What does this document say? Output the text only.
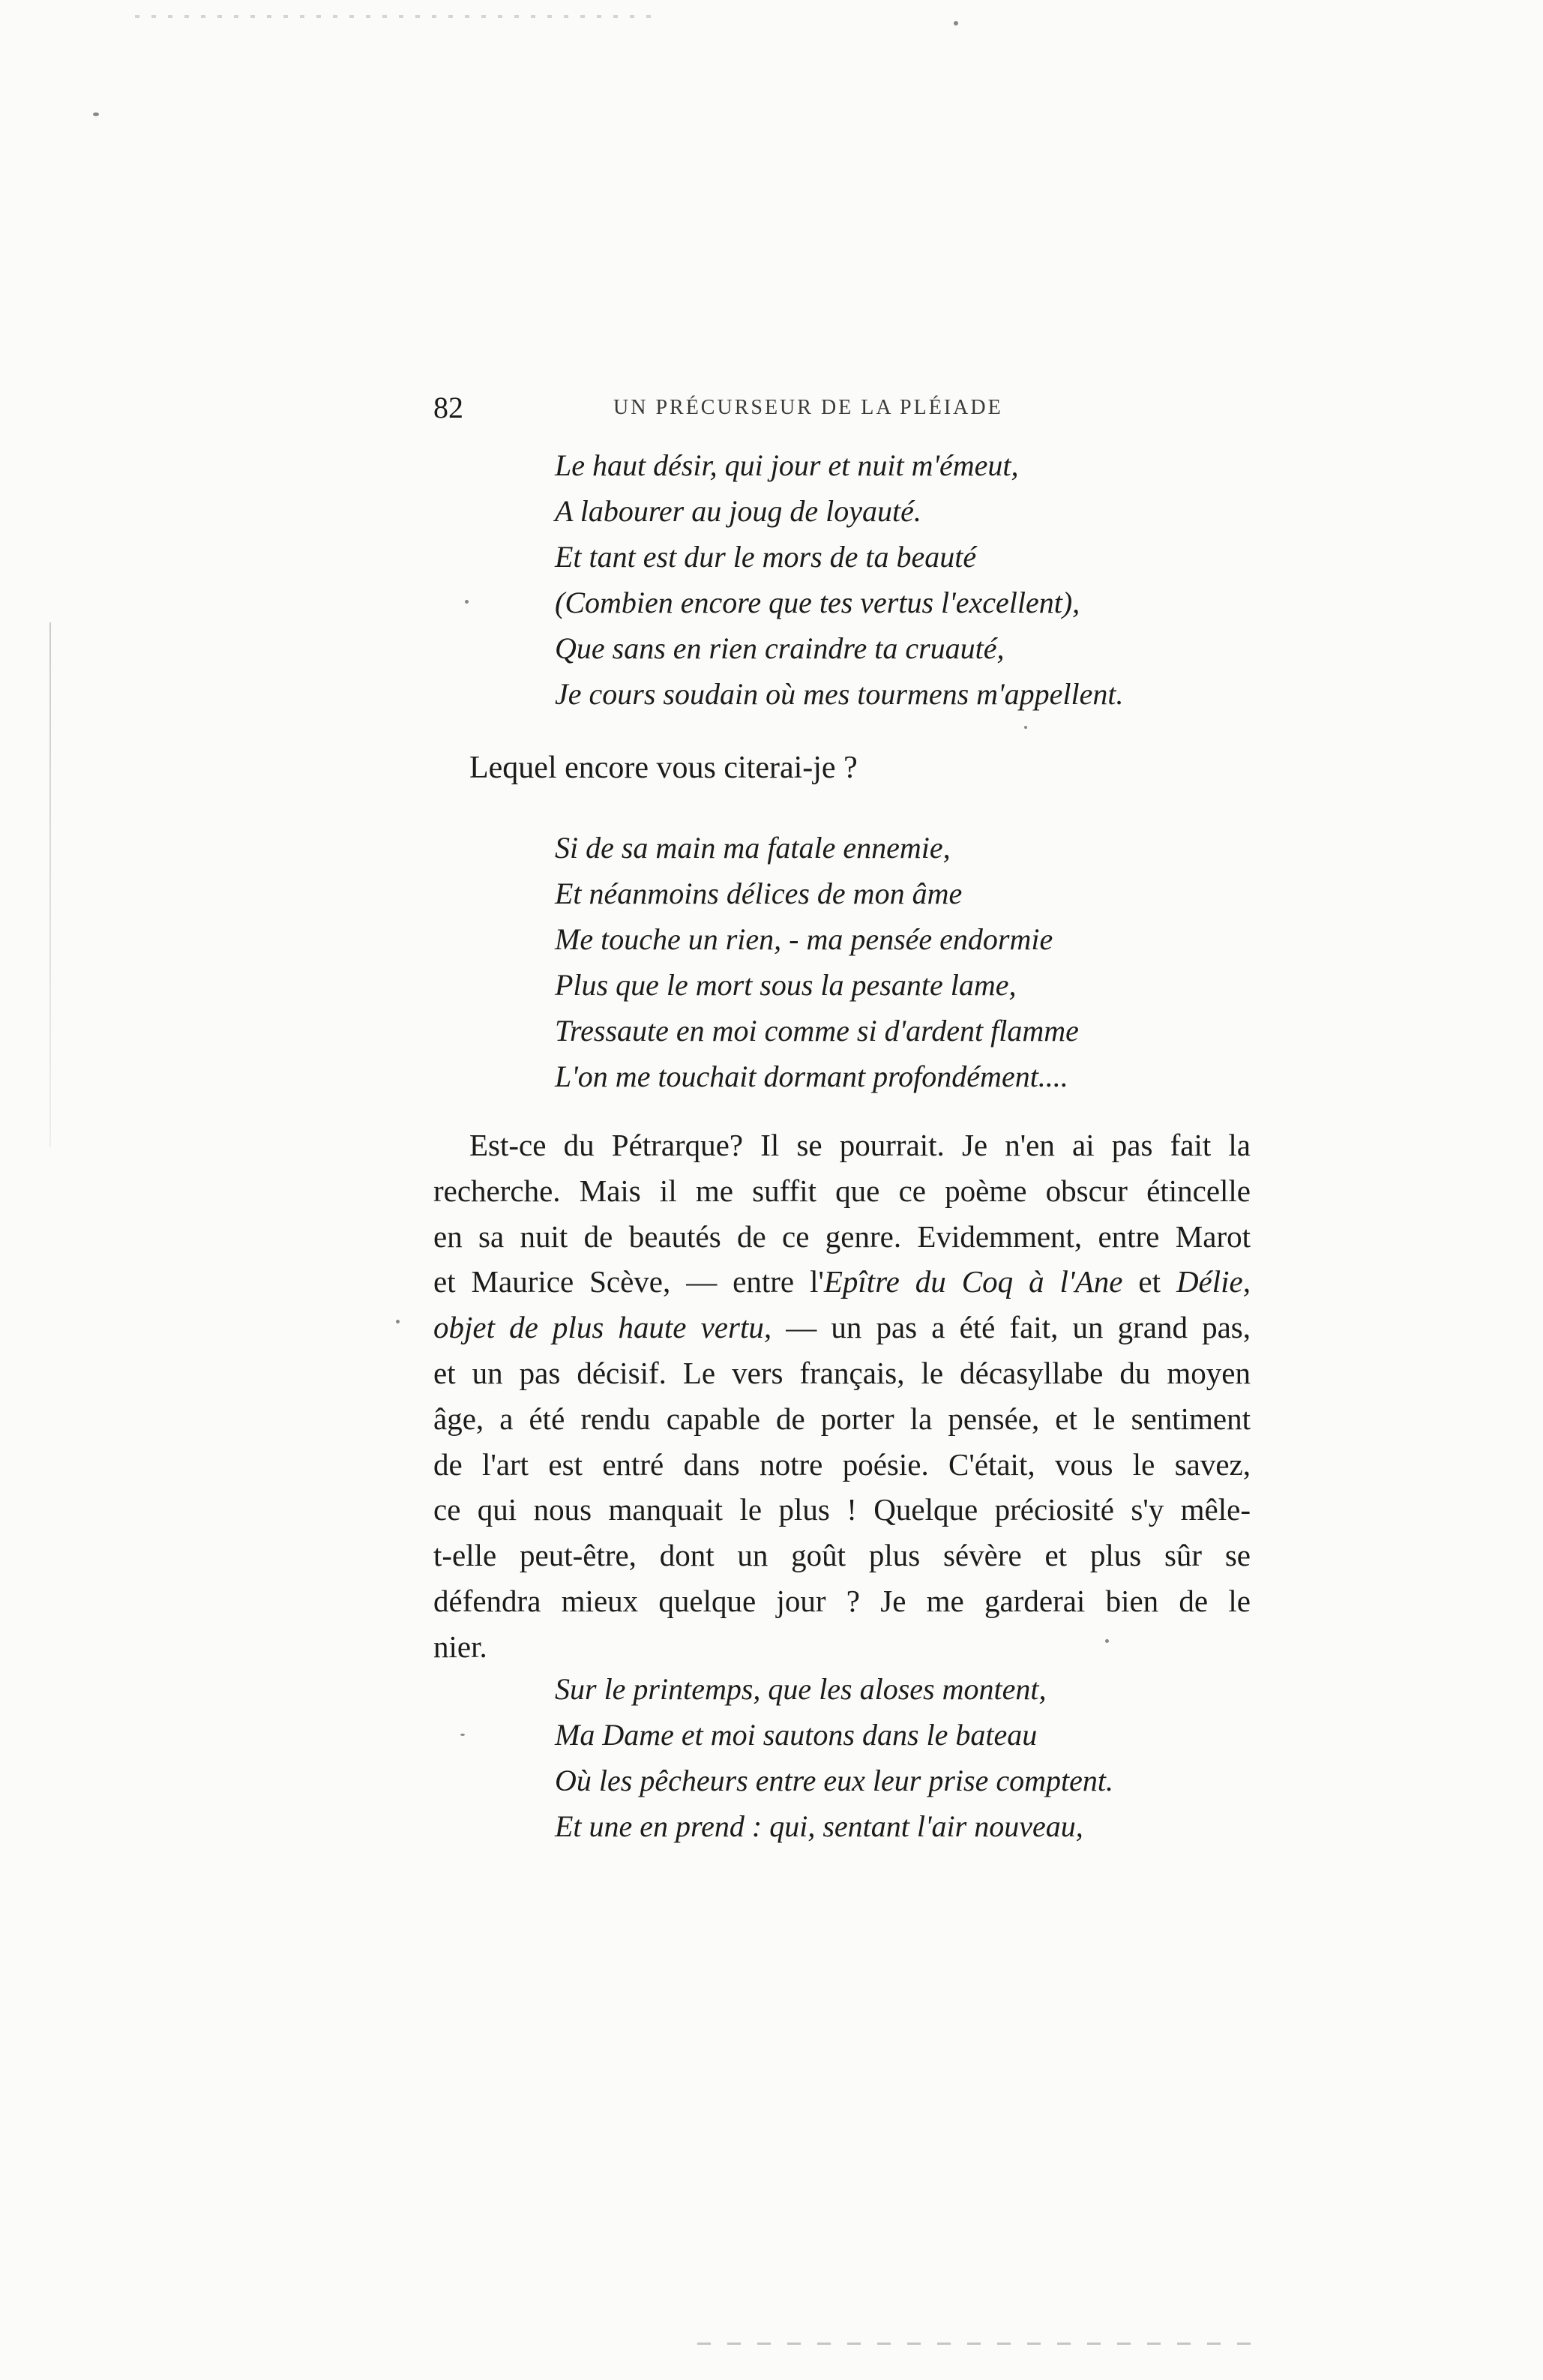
82	UN PRÉCURSEUR DE LA PLÉIADE
Le haut désir, qui jour et nuit m'émeut,
A labourer au joug de loyauté.
Et tant est dur le mors de ta beauté
(Combien encore que tes vertus l'excellent),
Que sans en rien craindre ta cruauté,
Je cours soudain où mes tourmens m'appellent.
Lequel encore vous citerai-je ?
Si de sa main ma fatale ennemie,
Et néanmoins délices de mon âme
Me touche un rien, - ma pensée endormie
Plus que le mort sous la pesante lame,
Tressaute en moi comme si d'ardent flamme
L'on me touchait dormant profondément....
Est-ce du Pétrarque? Il se pourrait. Je n'en ai pas fait la
recherche. Mais il me suffit que ce poème obscur étincelle
en sa nuit de beautés de ce genre. Evidemment, entre Marot
et Maurice Scève, — entre l'Epître du Coq à l'Ane et Délie,
objet de plus haute vertu, — un pas a été fait, un grand pas,
et un pas décisif. Le vers français, le décasyllabe du moyen
âge, a été rendu capable de porter la pensée, et le sentiment
de l'art est entré dans notre poésie. C'était, vous le savez,
ce qui nous manquait le plus ! Quelque préciosité s'y mêle-
t-elle peut-être, dont un goût plus sévère et plus sûr se
défendra mieux quelque jour ? Je me garderai bien de le
nier.
Sur le printemps, que les aloses montent,
Ma Dame et moi sautons dans le bateau
Où les pêcheurs entre eux leur prise comptent.
Et une en prend : qui, sentant l'air nouveau,
